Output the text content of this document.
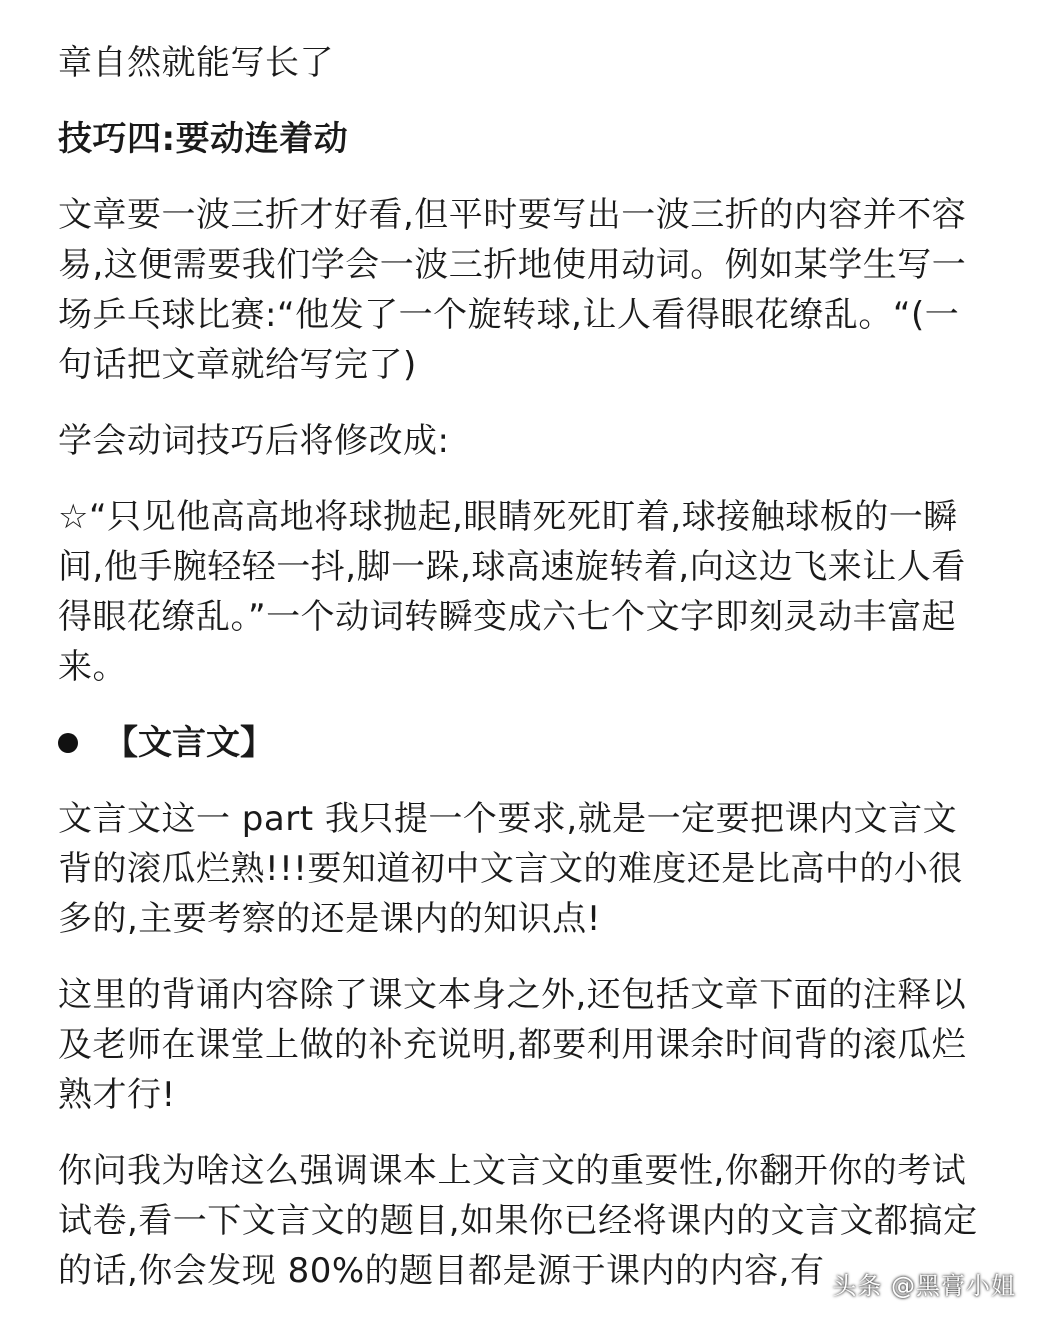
章自然就能写长了

技巧四:要动连着动

文章要一波三折才好看,但平时要写出一波三折的内容并不容易,这便需要我们学会一波三折地使用动词。例如某学生写一场乒乓球比赛:“他发了一个旋转球,让人看得眼花缭乱。“(一句话把文章就给写完了)

学会动词技巧后将修改成:

☆“只见他高高地将球抛起,眼睛死死盯着,球接触球板的一瞬间,他手腕轻轻一抖,脚一跺,球高速旋转着,向这边飞来让人看得眼花缭乱。”一个动词转瞬变成六七个文字即刻灵动丰富起来。

【文言文】

文言文这一 part 我只提一个要求,就是一定要把课内文言文背的滚瓜烂熟!!!要知道初中文言文的难度还是比高中的小很多的,主要考察的还是课内的知识点!

这里的背诵内容除了课文本身之外,还包括文章下面的注释以及老师在课堂上做的补充说明,都要利用课余时间背的滚瓜烂熟才行!

你问我为啥这么强调课本上文言文的重要性,你翻开你的考试试卷,看一下文言文的题目,如果你已经将课内的文言文都搞定的话,你会发现 80%的题目都是源于课内的内容,有 头条 @黑膏小姐
